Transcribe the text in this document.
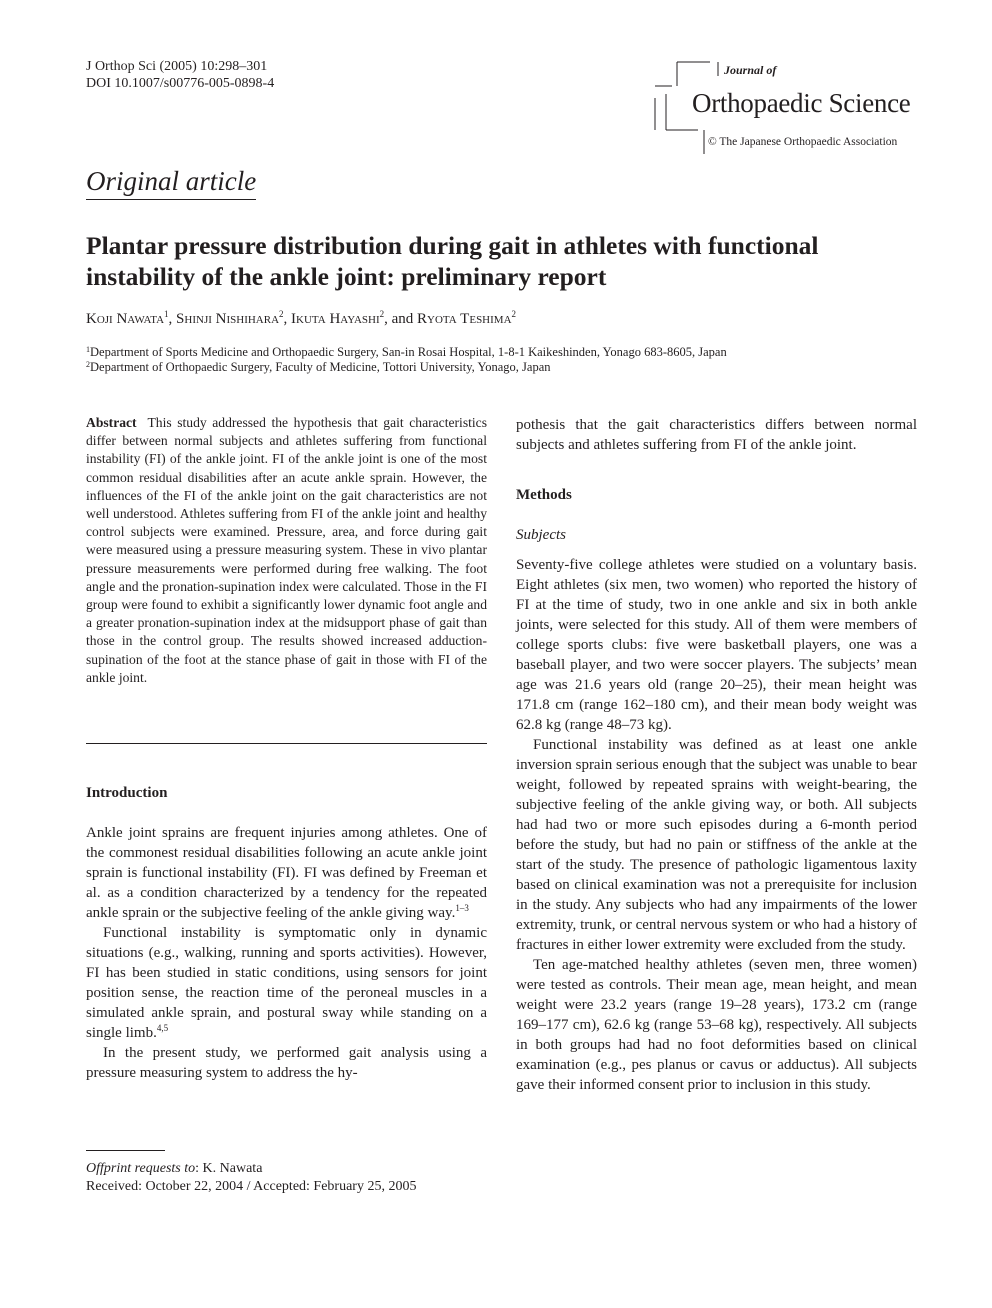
J Orthop Sci (2005) 10:298–301
DOI 10.1007/s00776-005-0898-4
Journal of
Orthopaedic Science
© The Japanese Orthopaedic Association
Original article
Plantar pressure distribution during gait in athletes with functional instability of the ankle joint: preliminary report
Koji Nawata$^1$, Shinji Nishihara$^2$, Ikuta Hayashi$^2$, and Ryota Teshima$^2$
$^1$Department of Sports Medicine and Orthopaedic Surgery, San-in Rosai Hospital, 1-8-1 Kaikeshinden, Yonago 683-8605, Japan
$^2$Department of Orthopaedic Surgery, Faculty of Medicine, Tottori University, Yonago, Japan
Abstract This study addressed the hypothesis that gait characteristics differ between normal subjects and athletes suffering from functional instability (FI) of the ankle joint. FI of the ankle joint is one of the most common residual disabilities after an acute ankle sprain. However, the influences of the FI of the ankle joint on the gait characteristics are not well understood. Athletes suffering from FI of the ankle joint and healthy control subjects were examined. Pressure, area, and force during gait were measured using a pressure measuring system. These in vivo plantar pressure measurements were performed during free walking. The foot angle and the pronation-supination index were calculated. Those in the FI group were found to exhibit a significantly lower dynamic foot angle and a greater pronation-supination index at the midsupport phase of gait than those in the control group. The results showed increased adduction-supination of the foot at the stance phase of gait in those with FI of the ankle joint.

Introduction

Ankle joint sprains are frequent injuries among athletes. One of the commonest residual disabilities following an acute ankle joint sprain is functional instability (FI). FI was defined by Freeman et al. as a condition characterized by a tendency for the repeated ankle sprain or the subjective feeling of the ankle giving way.$^{1-3}$

Functional instability is symptomatic only in dynamic situations (e.g., walking, running and sports activities). However, FI has been studied in static conditions, using sensors for joint position sense, the reaction time of the peroneal muscles in a simulated ankle sprain, and postural sway while standing on a single limb.$^{4,5}$

In the present study, we performed gait analysis using a pressure measuring system to address the hy-

Offprint requests to: K. Nawata
Received: October 22, 2004 / Accepted: February 25, 2005

pothesis that the gait characteristics differs between normal subjects and athletes suffering from FI of the ankle joint.

Methods

Subjects

Seventy-five college athletes were studied on a voluntary basis. Eight athletes (six men, two women) who reported the history of FI at the time of study, two in one ankle and six in both ankle joints, were selected for this study. All of them were members of college sports clubs: five were basketball players, one was a baseball player, and two were soccer players. The subjects’ mean age was 21.6 years old (range 20–25), their mean height was 171.8 cm (range 162–180 cm), and their mean body weight was 62.8 kg (range 48–73 kg).

Functional instability was defined as at least one ankle inversion sprain serious enough that the subject was unable to bear weight, followed by repeated sprains with weight-bearing, the subjective feeling of the ankle giving way, or both. All subjects had had two or more such episodes during a 6-month period before the study, but had no pain or stiffness of the ankle at the start of the study. The presence of pathologic ligamentous laxity based on clinical examination was not a prerequisite for inclusion in the study. Any subjects who had any impairments of the lower extremity, trunk, or central nervous system or who had a history of fractures in either lower extremity were excluded from the study.

Ten age-matched healthy athletes (seven men, three women) were tested as controls. Their mean age, mean height, and mean weight were 23.2 years (range 19–28 years), 173.2 cm (range 169–177 cm), 62.6 kg (range 53–68 kg), respectively. All subjects in both groups had had no foot deformities based on clinical examination (e.g., pes planus or cavus or adductus). All subjects gave their informed consent prior to inclusion in this study.
